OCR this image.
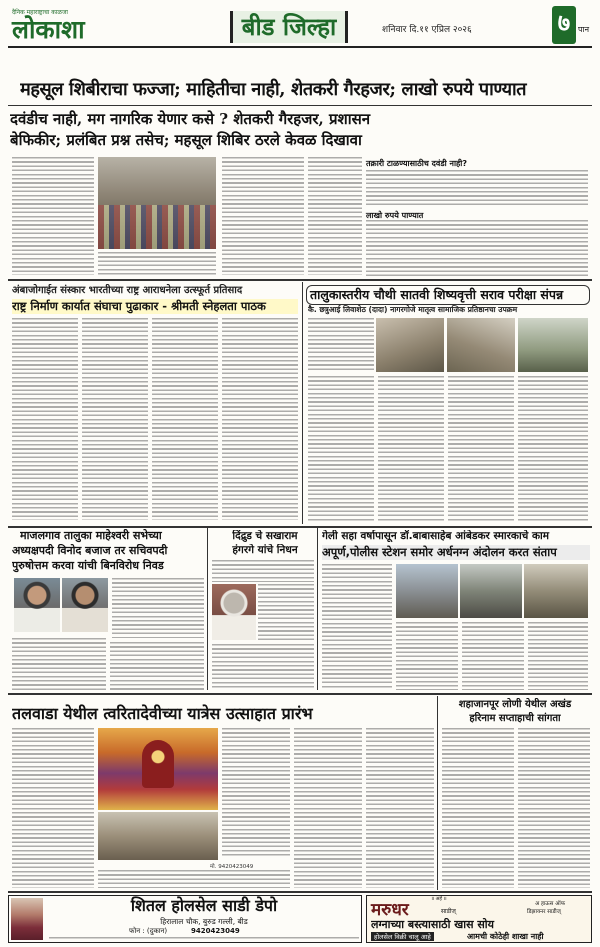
दैनिक महाराष्ट्राचा काळजा
लोकाशा	बीड जिल्हा	शनिवार दि.११ एप्रिल २०२६	७ पान
महसूल शिबीराचा फज्जा; माहितीचा नाही, शेतकरी गैरहजर; लाखो रुपये पाण्यात
दवंडीच नाही, मग नागरिक येणार कसे ? शेतकरी गैरहजर, प्रशासन
बेफिकीर; प्रलंबित प्रश्न तसेच; महसूल शिबिर ठरले केवळ दिखावा
तक्रारी टाळण्यासाठीच दवंडी नाही?
लाखो रुपये पाण्यात
अंबाजोगाईत संस्कार भारतीच्या राष्ट्र आराधनेला उत्स्फूर्त प्रतिसाद
राष्ट्र निर्माण कार्यात संघाचा पुढाकार - श्रीमती स्नेहलता पाठक
तालुकास्तरीय चौथी सातवी शिष्यवृत्ती सराव परीक्षा संपन्न
कै. छत्रुआई लिवाशेठ (दादा) नागरगोजे मातृत्व सामाजिक प्रतिष्ठानचा उपक्रम
माजलगाव तालुका माहेश्वरी सभेच्या
अध्यक्षपदी विनोद बजाज तर सचिवपदी
पुरुषोत्तम करवा यांची बिनविरोध निवड
दिंद्रुड चे सखाराम
हंगरगे यांचे निधन
गेली सहा वर्षापासून डॉ.बाबासाहेब आंबेडकर स्मारकाचे काम
अपूर्ण,पोलीस स्टेशन समोर अर्धनग्न अंदोलन करत संताप
शहाजानपूर लोणी येथील अखंड
हरिनाम सप्ताहाची सांगता
तलवाडा येथील त्वरितादेवीच्या यात्रेस उत्साहात प्रारंभ
मो. 9420423049
शितल होलसेल साडी डेपो
हिरालाल चौक, बुरुड गल्ली, बीड
फोन : (दुकान)	9420423049
॥ अर्हं ॥
मरुधर	साडीज्
अ हाऊस ऑफ
डिझायनर साडीज्
लग्नाच्या बस्त्यासाठी खास सोय
होलसेल विक्री चालू आहे	आमची कोठेही शाखा नाही
